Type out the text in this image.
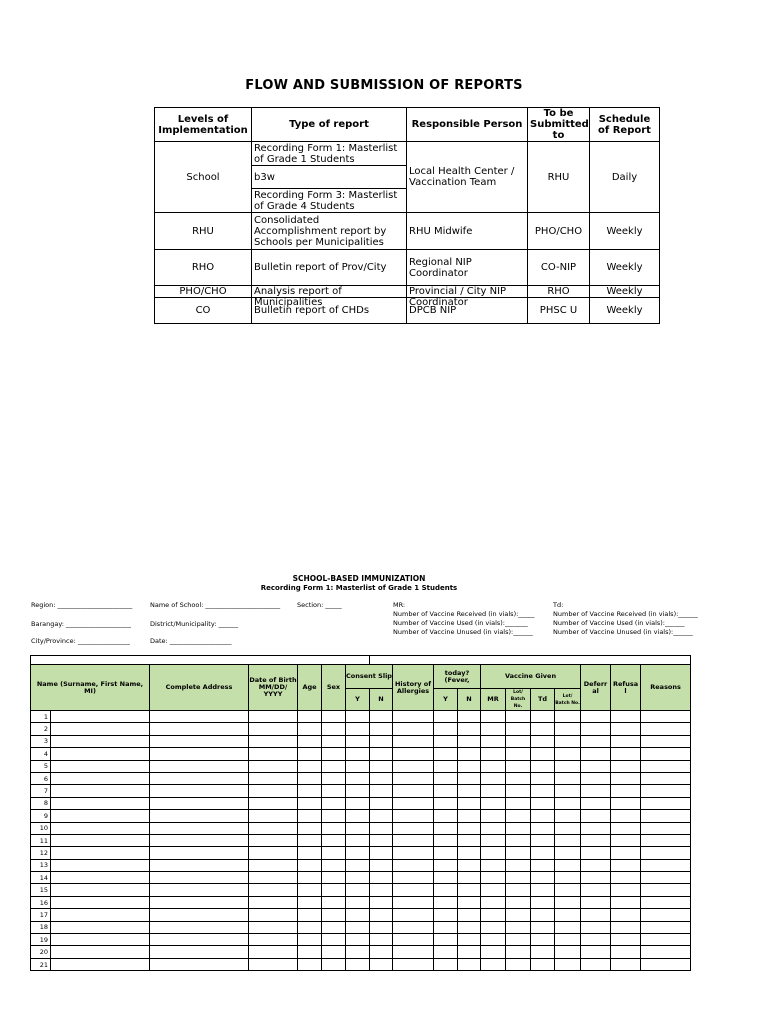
FLOW AND SUBMISSION OF REPORTS
Levels of Implementation	Type of report	Responsible Person	To be Submitted to	Schedule of Report
School	Recording Form 1: Masterlist of Grade 1 Students	Local Health Center / Vaccination Team	RHU	Daily
	b3w			
	Recording Form 3: Masterlist of Grade 4 Students			
RHU	Consolidated Accomplishment report by Schools per Municipalities	RHU Midwife	PHO/CHO	Weekly
RHO	Bulletin report of Prov/City	Regional NIP Coordinator	CO-NIP	Weekly
PHO/CHO	Analysis report of Municipalities	Provincial / City NIP Coordinator	RHO	Weekly
CO	Bulletin report of CHDs	DPCB NIP	PHSC U	Weekly
SCHOOL-BASED IMMUNIZATION
Recording Form 1: Masterlist of Grade 1 Students
Region: _______________________	Name of School: _______________________	Section: _____
Barangay: ____________________	District/Municipality: ______
City/Province: ________________	Date: ___________________
MR:	Td:
Number of Vaccine Received (in vials):_____
Number of Vaccine Used (in vials):_______
Number of Vaccine Unused (in vials):______
Number of Vaccine Received (in vials):______
Number of Vaccine Used (in vials):______
Number of Vaccine Unused (in vials):______

Name (Surname, First Name, MI)		Complete Address	Date of Birth MM/DD/ YYYY	Age	Sex	Consent Slip		History of Allergies	today? (Fever,		Vaccine Given				Deferr al	Refusa l	Reasons
						Y	N		Y	N	MR	Lot/ Batch No.	Td	Lot/ Batch No.			
1																	
2																	
3																	
4																	
5																	
6																	
7																	
8																	
9																	
10																	
11																	
12																	
13																	
14																	
15																	
16																	
17																	
18																	
19																	
20																	
21																	
